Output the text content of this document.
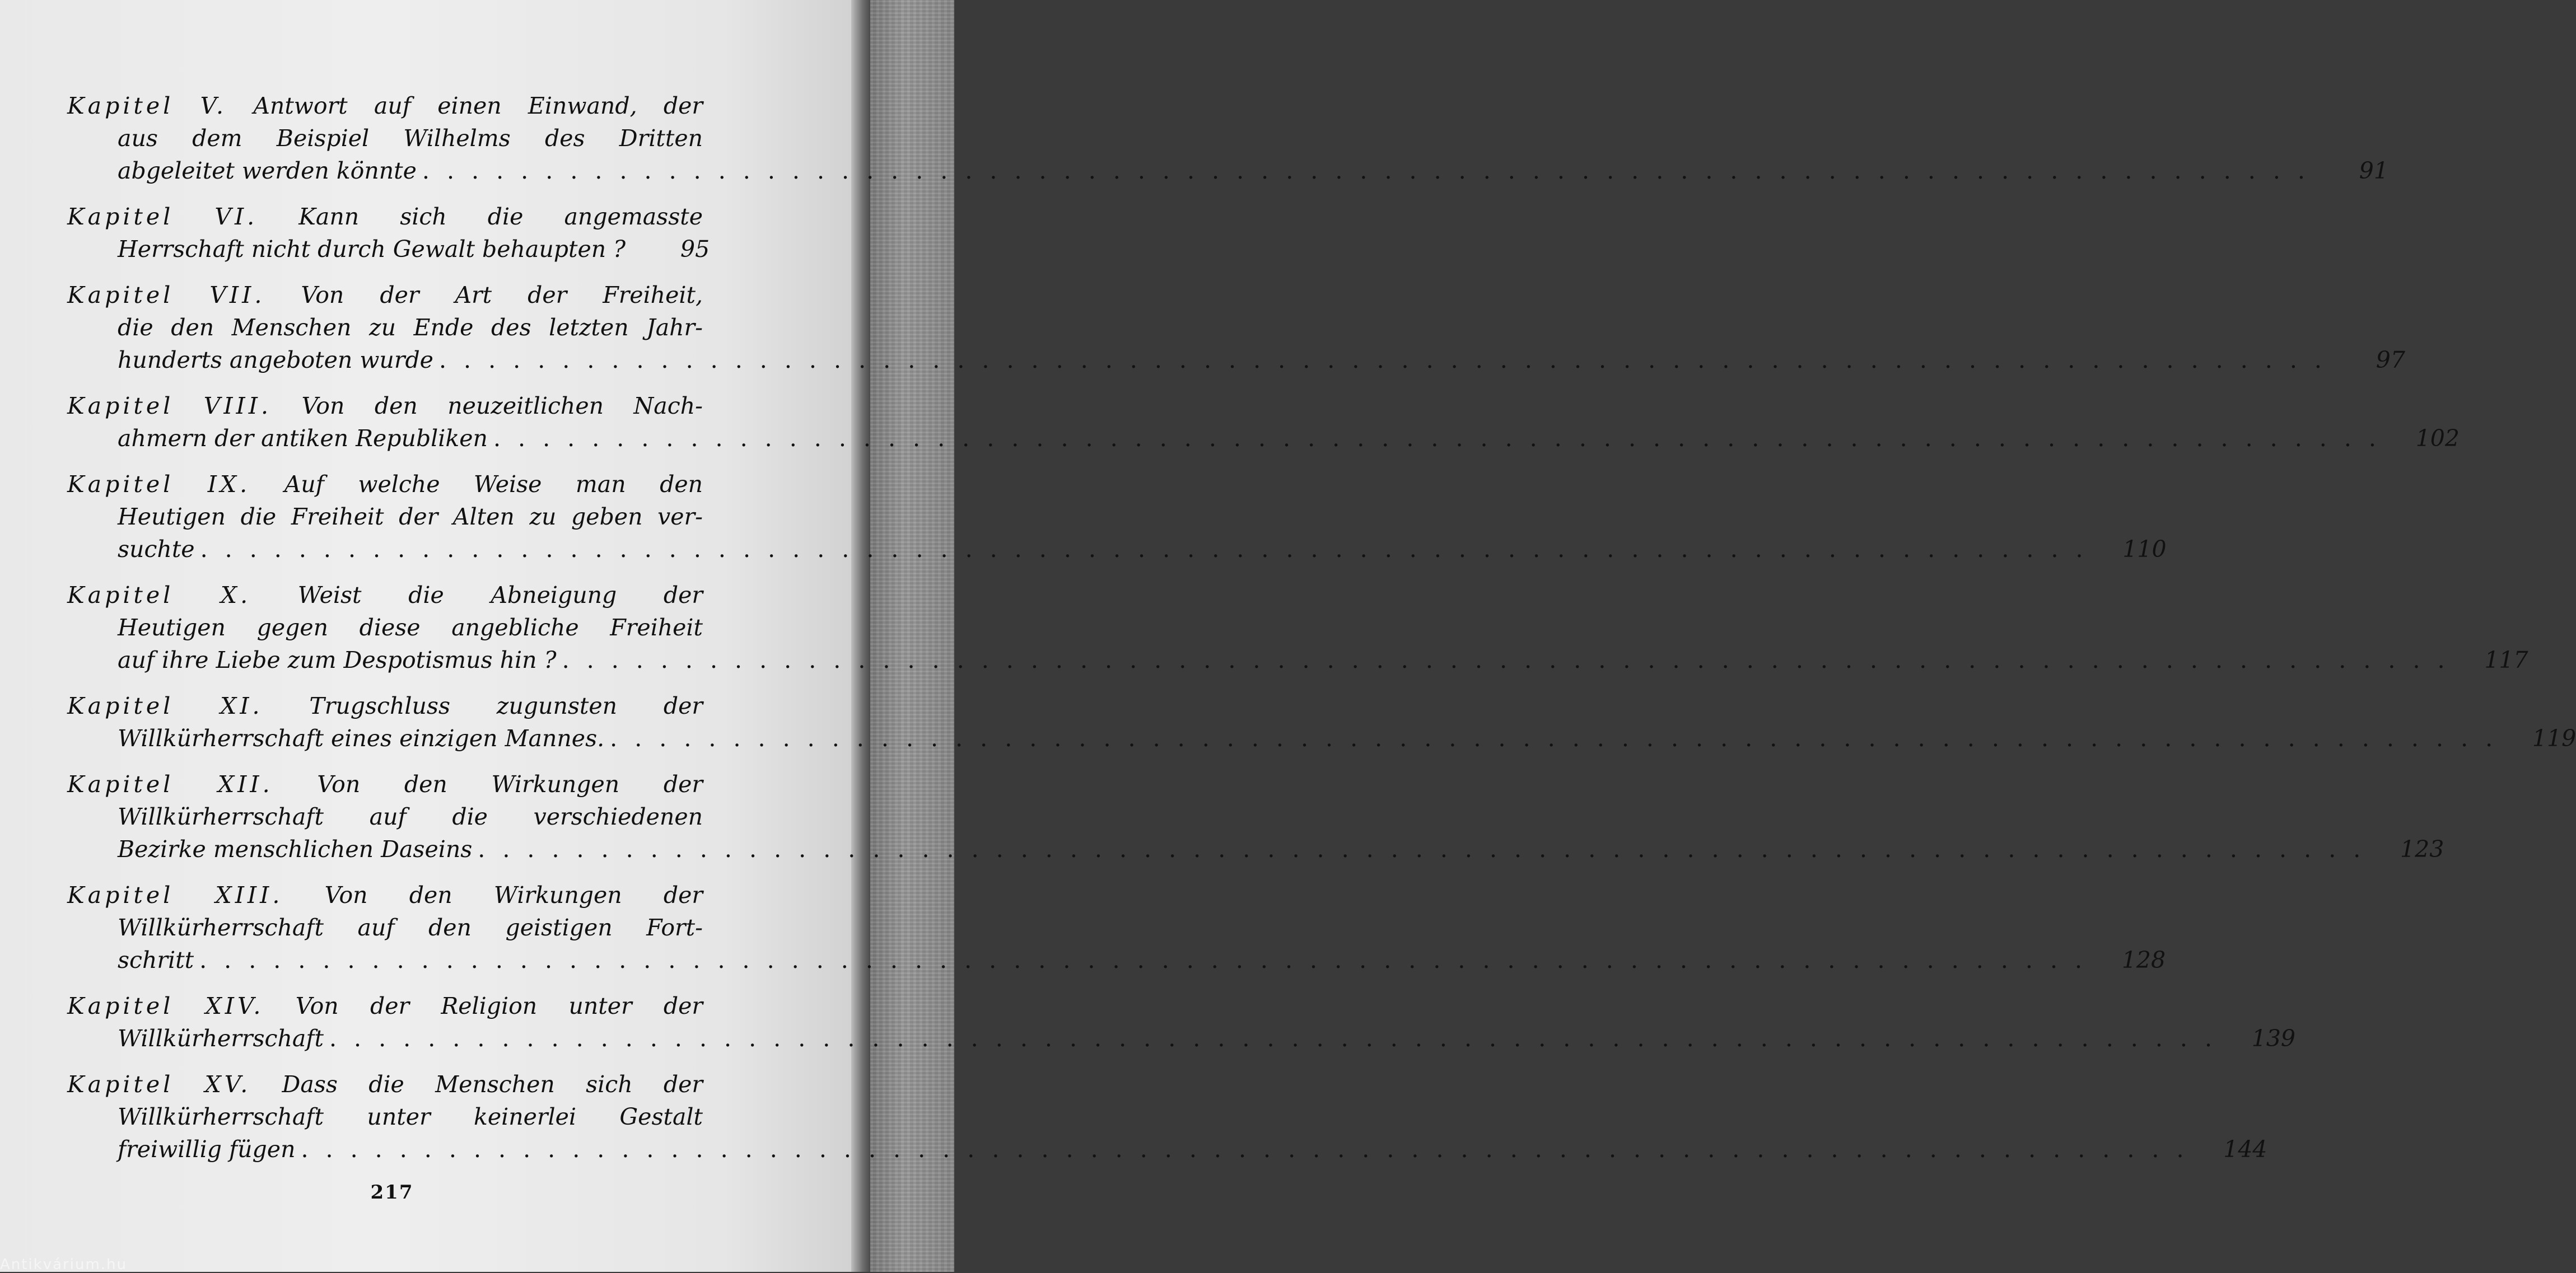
Kapitel V. Antwort auf einen Einwand, der
aus dem Beispiel Wilhelms des Dritten
abgeleitet werden könnte . . .	91
Kapitel VI. Kann sich die angemasste
Herrschaft nicht durch Gewalt behaupten ?	95
Kapitel VII. Von der Art der Freiheit,
die den Menschen zu Ende des letzten Jahr-
hunderts angeboten wurde . . .	97
Kapitel VIII. Von den neuzeitlichen Nach-
ahmern der antiken Republiken . . .	102
Kapitel IX. Auf welche Weise man den
Heutigen die Freiheit der Alten zu geben ver-
suchte . . .	110
Kapitel X. Weist die Abneigung der
Heutigen gegen diese angebliche Freiheit
auf ihre Liebe zum Despotismus hin ? . . .	117
Kapitel XI. Trugschluss zugunsten der
Willkürherrschaft eines einzigen Mannes. . . .	119
Kapitel XII. Von den Wirkungen der
Willkürherrschaft auf die verschiedenen
Bezirke menschlichen Daseins . . .	123
Kapitel XIII. Von den Wirkungen der
Willkürherrschaft auf den geistigen Fort-
schritt . . .	128
Kapitel XIV. Von der Religion unter der
Willkürherrschaft . . .	139
Kapitel XV. Dass die Menschen sich der
Willkürherrschaft unter keinerlei Gestalt
freiwillig fügen . . .	144
217
Antikvárium.hu
